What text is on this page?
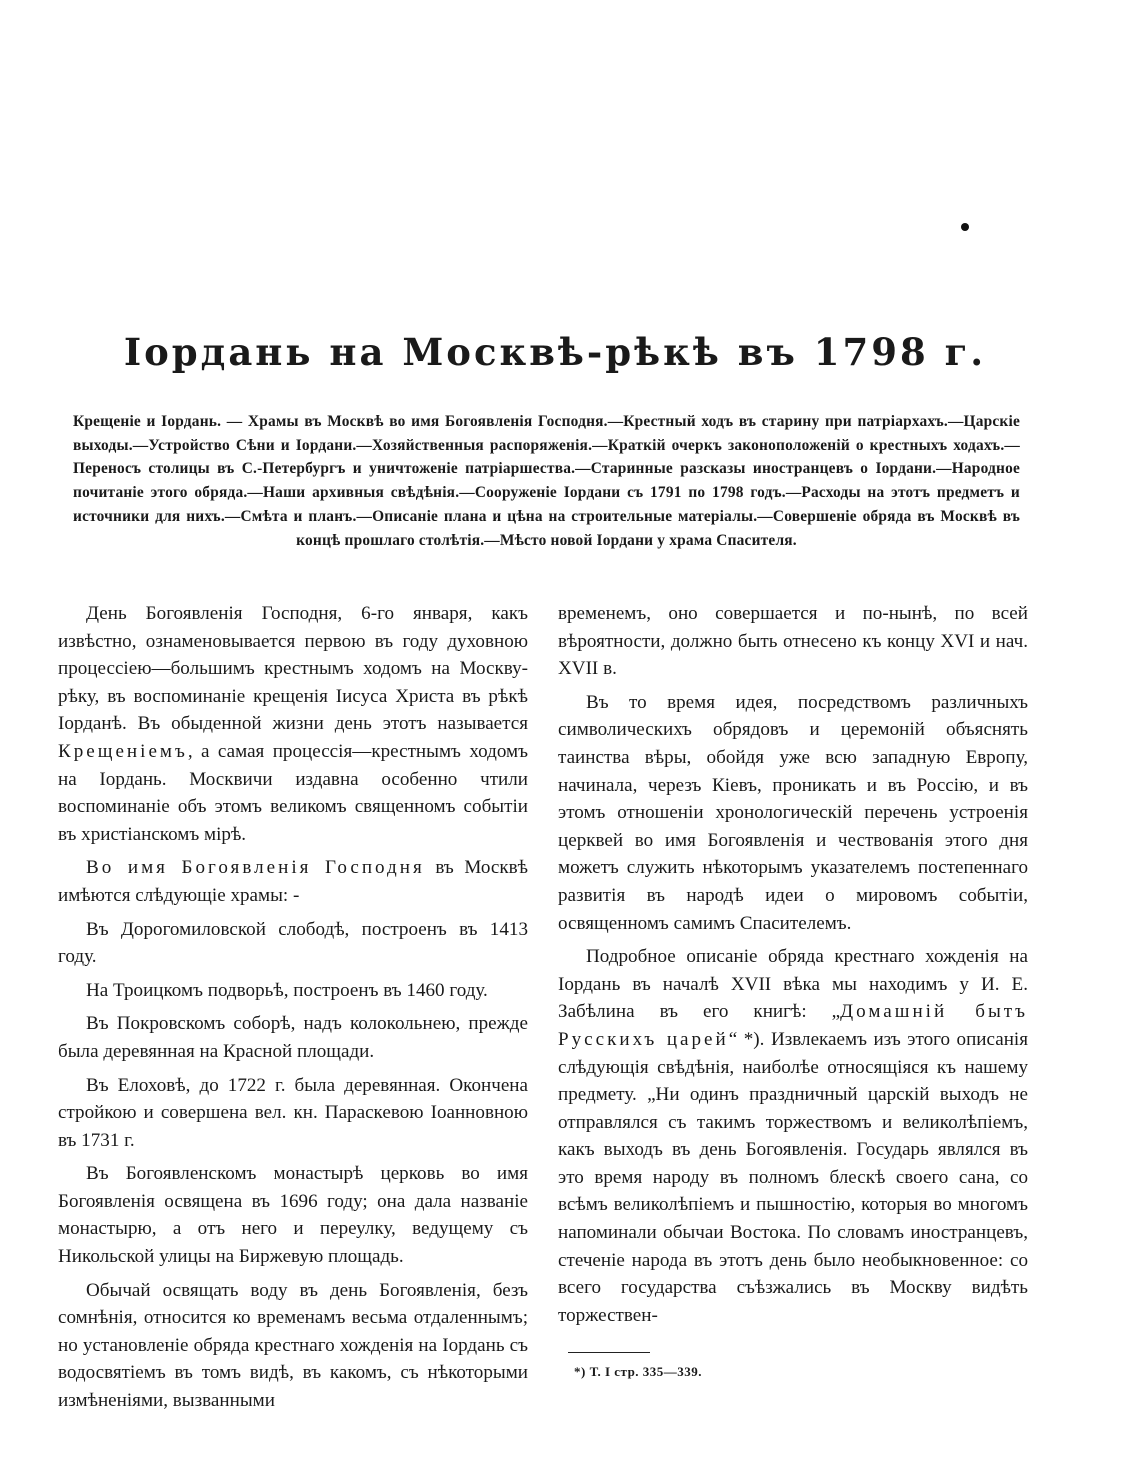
Іордань на Москвѣ-рѣкѣ въ 1798 г.

Крещеніе и Іордань. — Храмы въ Москвѣ во имя Богоявленія Господня.—Крестный ходъ въ старину при патріархахъ.—Царскіе выходы.—Устройство Сѣни и Іордани.—Хозяйственныя распоряженія.—Краткій очеркъ законоположеній о крестныхъ ходахъ.—Переносъ столицы въ С.-Петербургъ и уничтоженіе патріаршества.—Старинные разсказы иностранцевъ о Іордани.—Народное почитаніе этого обряда.—Наши архивныя свѣдѣнія.—Сооруженіе Іордани съ 1791 по 1798 годъ.—Расходы на этотъ предметъ и источники для нихъ.—Смѣта и планъ.—Описаніе плана и цѣна на строительные матеріалы.—Совершеніе обряда въ Москвѣ въ концѣ прошлаго столѣтія.—Мѣсто новой Іордани у храма Спасителя.

День Богоявленія Господня, 6-го января, какъ извѣстно, ознаменовывается первою въ году духовною процессіею—большимъ крестнымъ ходомъ на Москву-рѣку, въ воспоминаніе крещенія Іисуса Христа въ рѣкѣ Іорданѣ. Въ обыденной жизни день этотъ называется Крещеніемъ, а самая процессія—крестнымъ ходомъ на Іордань. Москвичи издавна особенно чтили воспоминаніе объ этомъ великомъ священномъ событіи въ христіанскомъ мірѣ.

Во имя Богоявленія Господня въ Москвѣ имѣются слѣдующіе храмы: -

Въ Дорогомиловской слободѣ, построенъ въ 1413 году.

На Троицкомъ подворьѣ, построенъ въ 1460 году.

Въ Покровскомъ соборѣ, надъ колокольнею, прежде была деревянная на Красной площади.

Въ Елоховѣ, до 1722 г. была деревянная. Окончена стройкою и совершена вел. кн. Параскевою Іоанновною въ 1731 г.

Въ Богоявленскомъ монастырѣ церковь во имя Богоявленія освящена въ 1696 году; она дала названіе монастырю, а отъ него и переулку, ведущему съ Никольской улицы на Биржевую площадь.

Обычай освящать воду въ день Богоявленія, безъ сомнѣнія, относится ко временамъ весьма отдаленнымъ; но установленіе обряда крестнаго хожденія на Іордань съ водосвятіемъ въ томъ видѣ, въ какомъ, съ нѣкоторыми измѣненіями, вызванными

временемъ, оно совершается и по-нынѣ, по всей вѣроятности, должно быть отнесено къ концу XVI и нач. XVII в.

Въ то время идея, посредствомъ различныхъ символическихъ обрядовъ и церемоній объяснять таинства вѣры, обойдя уже всю западную Европу, начинала, черезъ Кіевъ, проникать и въ Россію, и въ этомъ отношеніи хронологическій перечень устроенія церквей во имя Богоявленія и чествованія этого дня можетъ служить нѣкоторымъ указателемъ постепеннаго развитія въ народѣ идеи о мировомъ событіи, освященномъ самимъ Спасителемъ.

Подробное описаніе обряда крестнаго хожденія на Іордань въ началѣ XVII вѣка мы находимъ у И. Е. Забѣлина въ его книгѣ: „Домашній бытъ Русскихъ царей“ *). Извлекаемъ изъ этого описанія слѣдующія свѣдѣнія, наиболѣе относящіяся къ нашему предмету. „Ни одинъ праздничный царскій выходъ не отправлялся съ такимъ торжествомъ и великолѣпіемъ, какъ выходъ въ день Богоявленія. Государь являлся въ это время народу въ полномъ блескѣ своего сана, со всѣмъ великолѣпіемъ и пышностію, которыя во многомъ напоминали обычаи Востока. По словамъ иностранцевъ, стеченіе народа въ этотъ день было необыкновенное: со всего государства съѣзжались въ Москву видѣть торжествен-

*) Т. I стр. 335—339.
